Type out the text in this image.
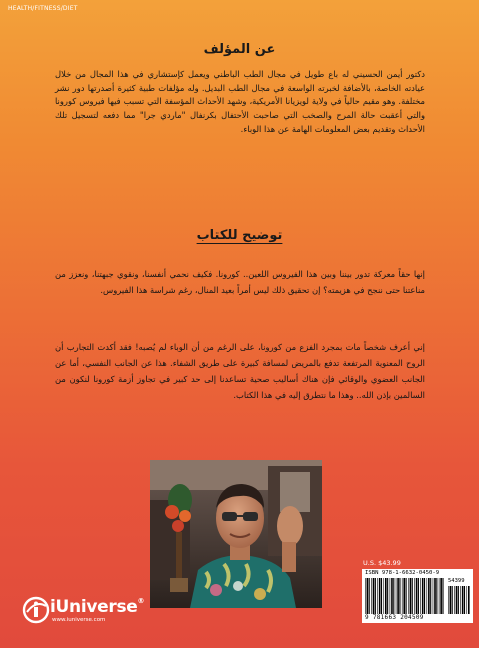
HEALTH/FITNESS/DIET
عن المؤلف

دكتور أيمن الحسيني له باع طويل في مجال الطب الباطني ويعمل كإستشاري في هذا المجال من خلال عيادته الخاصة، بالأضافة لخبرته الواسعة في مجال الطب البديل. وله مؤلفات طبية كثيرة أصدرتها دور نشر مختلفة. وهو مقيم حالياً في ولاية لويزيانا الأمريكية، وشهد الأحداث المؤسفة التي تسبب فيها فيروس كورونا والتي أعقبت حالة المرح والصخب التي صاحبت الأحتفال بكرنفال "ماردي جرا" مما دفعه لتسجيل تلك الأحداث وتقديم بعض المعلومات الهامة عن هذا الوباء.

توضيح للكتاب

إنها حقاً معركة تدور بيننا وبين هذا الفيروس اللعين.. كورونا. فكيف نحمي أنفسنا، ونقوي جبهتنا، ونعزز من مناعتنا حتى ننجح في هزيمته؟ إن تحقيق ذلك ليس أمراً بعيد المنال، رغم شراسة هذا الفيروس.

إني أعرف شخصاً مات بمجرد الفزع من كورونا، على الرغم من أن الوباء لم يُصبه! فقد أكدت التجارب أن الروح المعنوية المرتفعة تدفع بالمريض لمسافة كبيرة على طريق الشفاء. هذا عن الجانب النفسي، أما عن الجانب العضوي والوقائي فإن هناك أساليب صحية تساعدنا إلى حد كبير في تجاوز أزمة كورونا لنكون من السالمين بإذن الله.. وهذا ما نتطرق إليه في هذا الكتاب.

iUniverse®
www.iuniverse.com
U.S. $43.99
ISBN 978-1-6632-0450-9
54399
9 781663 204509
